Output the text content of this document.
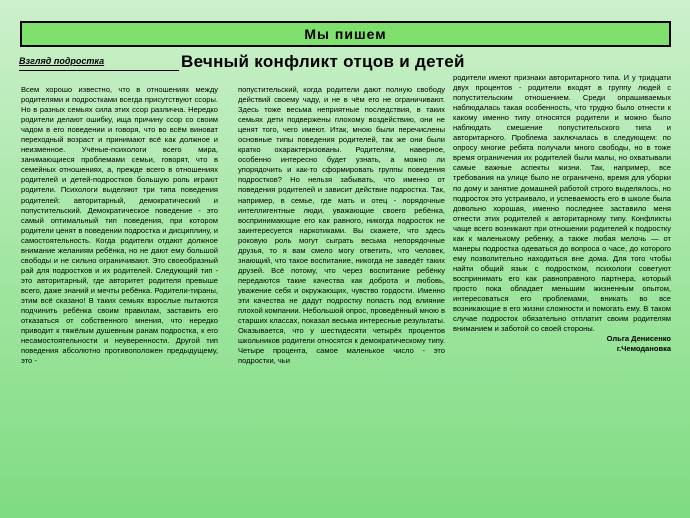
Мы пишем
Взгляд подростка	Вечный конфликт отцов и детей

Всем хорошо известно, что в отношениях между родителями и подростками всегда присутствуют ссоры. Но в разных семьях сила этих ссор различна. Нередко родители делают ошибку, ища причину ссор со своим чадом в его поведении и говоря, что во всём виноват переходный возраст и принимают всё как должное и неизменное. Учёные-психологи всего мира, занимающиеся проблемами семьи, говорят, что в семейных отношениях, а, прежде всего в отношениях родителей и детей-подростков большую роль играют родители. Психологи выделяют три типа поведения родителей: авторитарный, демократический и попустительский. Демократическое поведение - это самый оптимальный тип поведения, при котором родители ценят в поведении подростка и дисциплину, и самостоятельность. Когда родители отдают должное внимание желаниям ребёнка, но не дают ему большой свободы и не сильно ограничивают. Это своеобразный рай для подростков и их родителей. Следующий тип - это авторитарный, где авторитет родителя превыше всего, даже знаний и мечты ребёнка. Родители-тираны, этим всё сказано! В таких семьях взрослые пытаются подчинить ребёнка своим правилам, заставить его отказаться от собственного мнения, что нередко приводит к тяжёлым душевным ранам подростка, к его несамостоятельности и неуверенности. Другой тип поведения абсолютно противоположен предыдущему, это -

попустительский, когда родители дают полную свободу действий своему чаду, и не в чём его не ограничивают. Здесь тоже весьма неприятные последствия, в таких семьях дети подвержены плохому воздействию, они не ценят того, чего имеют. Итак, мною были перечислены основные типы поведения родителей, так же они были кратко охарактеризованы. Родителям, наверное, особенно интересно будет узнать, а можно ли упорядочить и как-то сформировать группы поведения подростков? Но нельзя забывать, что именно от поведения родителей и зависит действие подростка. Так, например, в семье, где мать и отец - порядочные интеллигентные люди, уважающие своего ребёнка, воспринимающие его как равного, никогда подросток не заинтересуется наркотиками. Вы скажете, что здесь роковую роль могут сыграть весьма непорядочные друзья, то я вам смело могу ответить, что человек, знающий, что такое воспитание, никогда не заведёт таких друзей. Всё потому, что через воспитание ребёнку передаются такие качества как доброта и любовь, уважение себя и окружающих, чувство гордости. Именно эти качества не дадут подростку попасть под влияние плохой компании. Небольшой опрос, проведённый мною в старших классах, показал весьма интересные результаты. Оказывается, что у шестидесяти четырёх процентов школьников родители относятся к демократическому типу. Четыре процента, самое маленькое число - это подростки, чьи

родители имеют признаки авторитарного типа. И у тридцати двух процентов - родители входят в группу людей с попустительским отношением. Среди опрашиваемых наблюдалась такая особенность, что трудно было отнести к какому именно типу относятся родители и можно было наблюдать смешение попустительского типа и авторитарного. Проблема заключалась в следующем: по опросу многие ребята получали много свободы, но в тоже время ограничения их родителей были малы, но охватывали самые важные аспекты жизни. Так, например, все требования на улице было не ограничено, время для уборки по дому и занятие домашней работой строго выделялось, но подросток это устраивало, и успеваемость его в школе была довольно хорошая, именно последнее заставило меня отнести этих родителей к авторитарному типу. Конфликты чаще всего возникают при отношении родителей к подростку как к маленькому ребенку, а также любая мелочь — от манеры подростка одеваться до вопроса о часе, до которого ему позволительно находиться вне дома. Для того чтобы найти общий язык с подростком, психологи советуют воспринимать его как равноправного партнера, который просто пока обладает меньшим жизненным опытом, интересоваться его проблемами, вникать во все возникающие в его жизни сложности и помогать ему. В таком случае подросток обязательно отплатит своим родителям вниманием и заботой со своей стороны.

Ольга Денисенко
г.Чемодановка
